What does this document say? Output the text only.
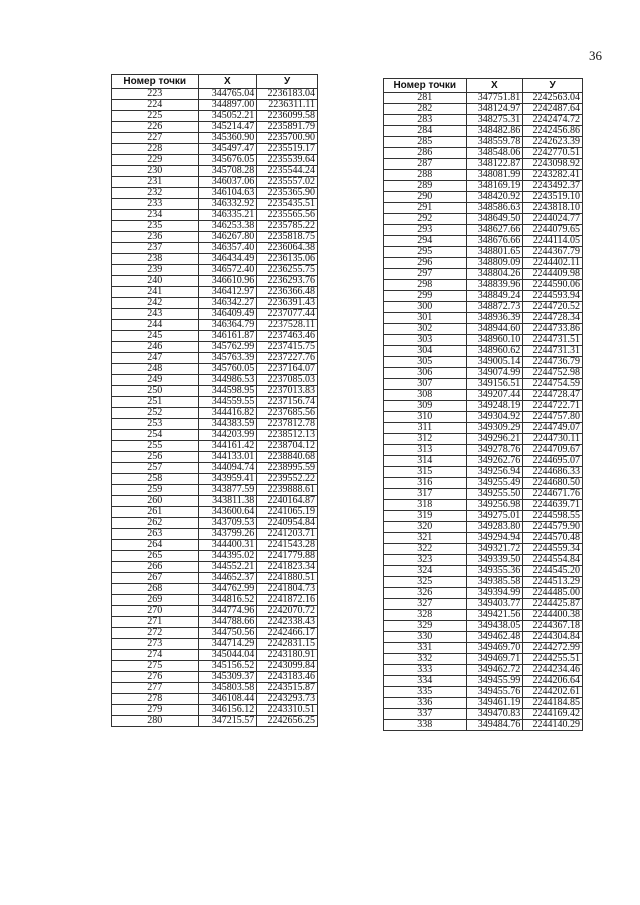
36
Номер точки	X	У
223	344765.04	2236183.04
224	344897.00	2236311.11
225	345052.21	2236099.58
226	345214.47	2235891.79
227	345360.90	2235700.90
228	345497.47	2235519.17
229	345676.05	2235539.64
230	345708.28	2235544.24
231	346037.06	2235557.02
232	346104.63	2235365.90
233	346332.92	2235435.51
234	346335.21	2235565.56
235	346253.38	2235785.22
236	346267.80	2235818.75
237	346357.40	2236064.38
238	346434.49	2236135.06
239	346572.40	2236255.75
240	346610.96	2236293.76
241	346412.97	2236366.48
242	346342.27	2236391.43
243	346409.49	2237077.44
244	346364.79	2237528.11
245	346161.87	2237463.46
246	345762.99	2237415.75
247	345763.39	2237227.76
248	345760.05	2237164.07
249	344986.53	2237085.03
250	344598.95	2237013.83
251	344559.55	2237156.74
252	344416.82	2237685.56
253	344383.59	2237812.78
254	344203.99	2238512.13
255	344161.42	2238704.12
256	344133.01	2238840.68
257	344094.74	2238995.59
258	343959.41	2239552.22
259	343877.59	2239888.61
260	343811.38	2240164.87
261	343600.64	2241065.19
262	343709.53	2240954.84
263	343799.26	2241203.71
264	344400.31	2241543.28
265	344395.02	2241779.88
266	344552.21	2241823.34
267	344652.37	2241880.51
268	344762.99	2241804.73
269	344816.52	2241872.16
270	344774.96	2242070.72
271	344788.66	2242338.43
272	344750.56	2242466.17
273	344714.29	2242831.15
274	345044.04	2243180.91
275	345156.52	2243099.84
276	345309.37	2243183.46
277	345803.58	2243515.87
278	346108.44	2243293.73
279	346156.12	2243310.51
280	347215.57	2242656.25
Номер точки	X	У
281	347751.81	2242563.04
282	348124.97	2242487.64
283	348275.31	2242474.72
284	348482.86	2242456.86
285	348559.78	2242623.39
286	348548.06	2242770.51
287	348122.87	2243098.92
288	348081.99	2243282.41
289	348169.19	2243492.37
290	348420.92	2243519.10
291	348586.63	2243818.10
292	348649.50	2244024.77
293	348627.66	2244079.65
294	348676.66	2244114.05
295	348801.65	2244367.79
296	348809.09	2244402.11
297	348804.26	2244409.98
298	348839.96	2244590.06
299	348849.24	2244593.94
300	348872.73	2244720.52
301	348936.39	2244728.34
302	348944.60	2244733.86
303	348960.10	2244731.51
304	348960.62	2244731.31
305	349005.14	2244736.79
306	349074.99	2244752.98
307	349156.51	2244754.59
308	349207.44	2244728.47
309	349248.19	2244722.71
310	349304.92	2244757.80
311	349309.29	2244749.07
312	349296.21	2244730.11
313	349278.76	2244709.67
314	349262.76	2244695.07
315	349256.94	2244686.33
316	349255.49	2244680.50
317	349255.50	2244671.76
318	349256.98	2244639.71
319	349275.01	2244598.55
320	349283.80	2244579.90
321	349294.94	2244570.48
322	349321.72	2244559.34
323	349339.50	2244554.84
324	349355.36	2244545.20
325	349385.58	2244513.29
326	349394.99	2244485.00
327	349403.77	2244425.87
328	349421.56	2244400.38
329	349438.05	2244367.18
330	349462.48	2244304.84
331	349469.70	2244272.99
332	349469.71	2244255.51
333	349462.72	2244234.46
334	349455.99	2244206.64
335	349455.76	2244202.61
336	349461.19	2244184.85
337	349470.83	2244169.42
338	349484.76	2244140.29
